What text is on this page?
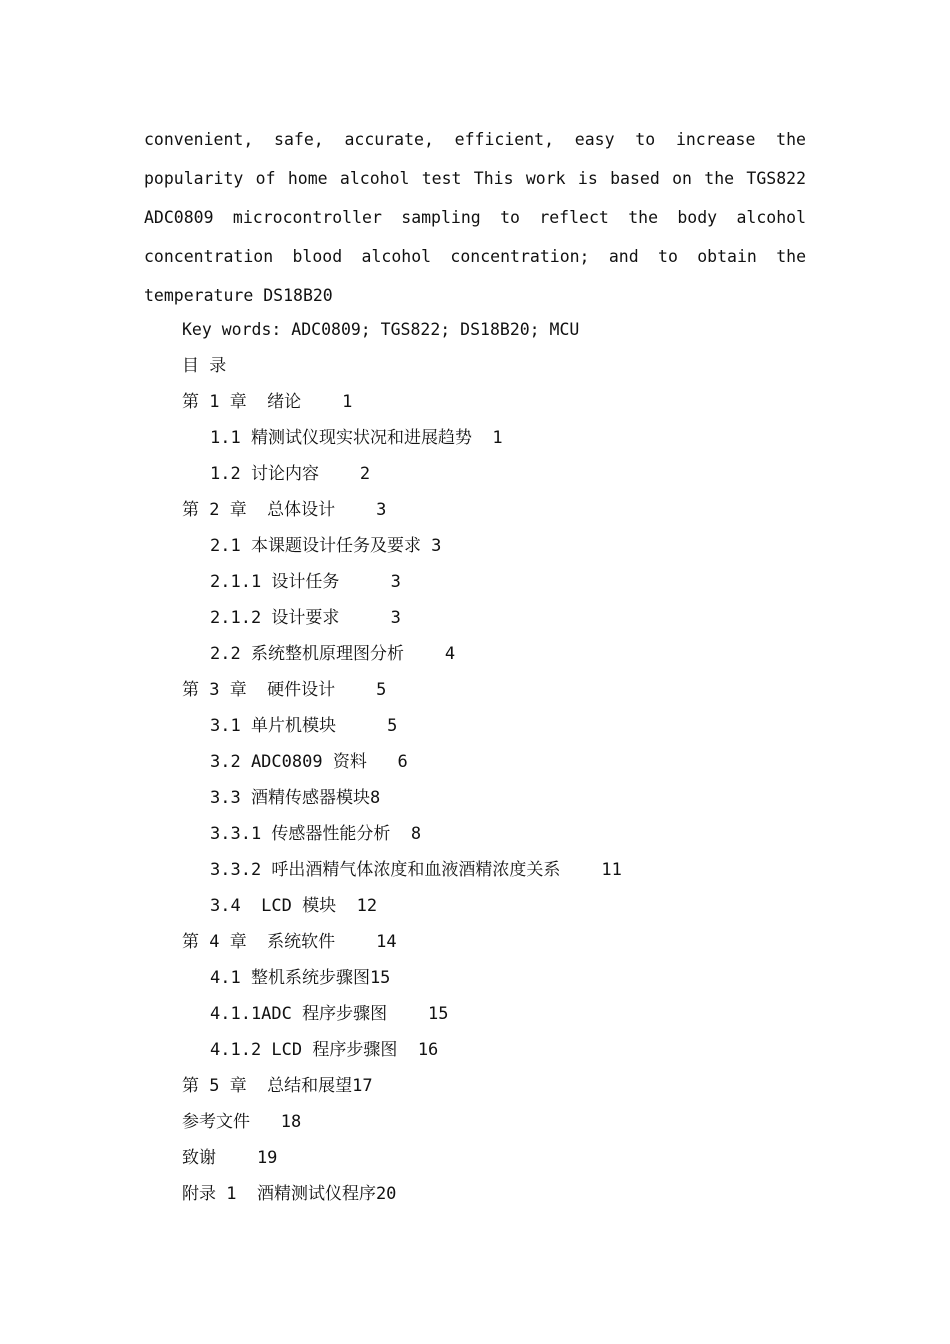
convenient, safe, accurate, efficient, easy to increase the
popularity of home alcohol test This work is based on the TGS822
ADC0809 microcontroller sampling to reflect the body alcohol
concentration blood alcohol concentration; and to obtain the
temperature DS18B20
Key words: ADC0809; TGS822; DS18B20; MCU
目 录
第 1 章  绪论    1
1.1 精测试仪现实状况和进展趋势  1
1.2 讨论内容    2
第 2 章  总体设计    3
2.1 本课题设计任务及要求 3
2.1.1 设计任务     3
2.1.2 设计要求     3
2.2 系统整机原理图分析    4
第 3 章  硬件设计    5
3.1 单片机模块     5
3.2 ADC0809 资料   6
3.3 酒精传感器模块8
3.3.1 传感器性能分析  8
3.3.2 呼出酒精气体浓度和血液酒精浓度关系    11
3.4  LCD 模块  12
第 4 章  系统软件    14
4.1 整机系统步骤图15
4.1.1ADC 程序步骤图    15
4.1.2 LCD 程序步骤图  16
第 5 章  总结和展望17
参考文件   18
致谢    19
附录 1  酒精测试仪程序20
